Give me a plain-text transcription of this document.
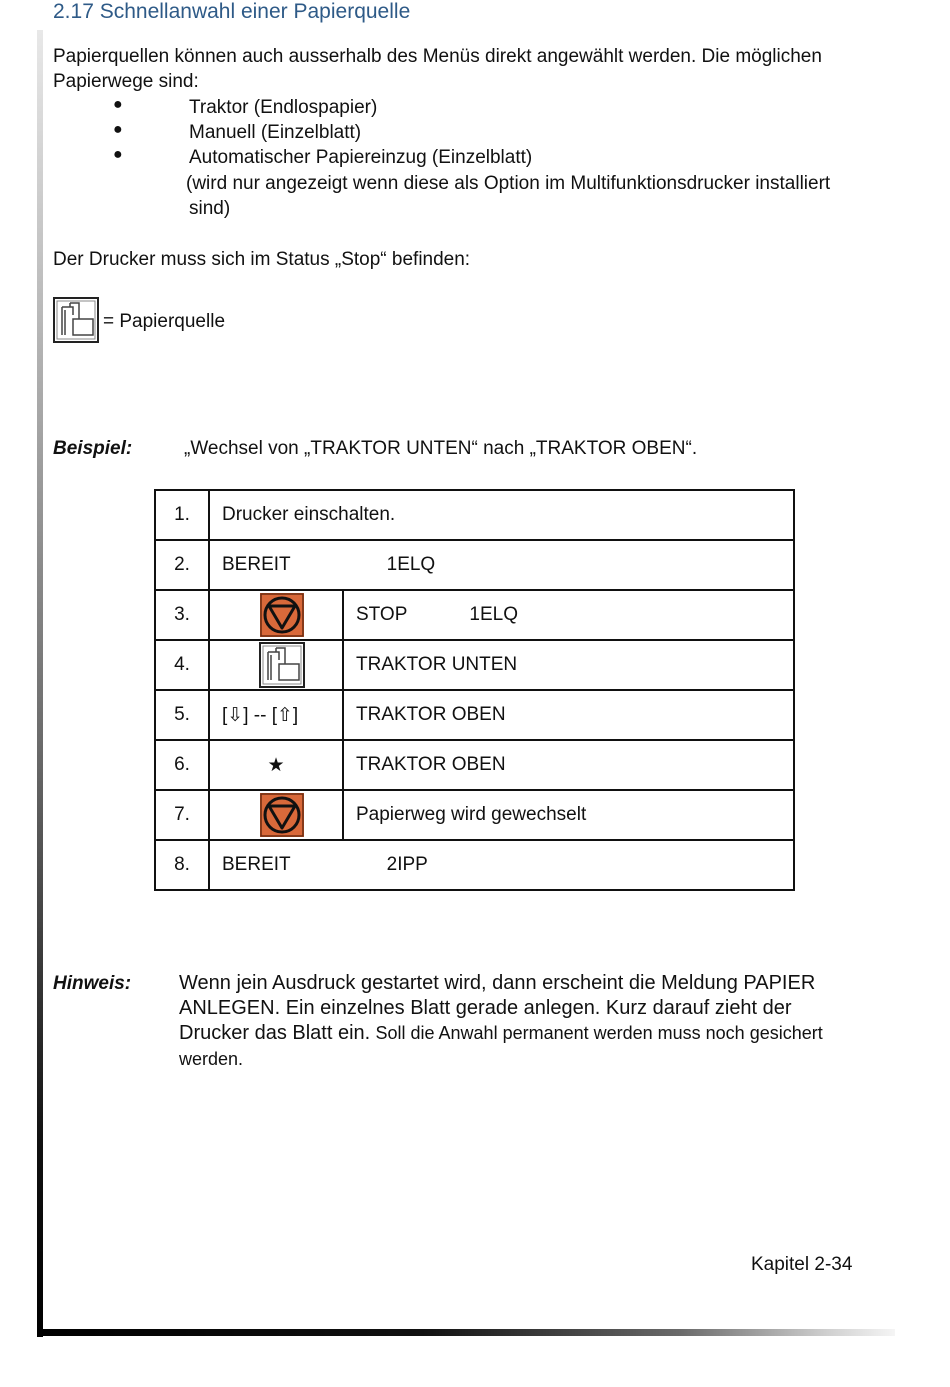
2.17 Schnellanwahl einer Papierquelle
Papierquellen können auch ausserhalb des Menüs direkt angewählt werden. Die möglichen
Papierwege sind:
●	Traktor (Endlospapier)
●	Manuell (Einzelblatt)
●	Automatischer Papiereinzug (Einzelblatt)
(wird nur angezeigt wenn diese als Option im Multifunktionsdrucker installiert
sind)
Der Drucker muss sich im Status „Stop“ befinden:
= Papierquelle
Beispiel:	„Wechsel von „TRAKTOR UNTEN“ nach „TRAKTOR OBEN“.
1.	Drucker einschalten.	
2.	BEREIT 1ELQ	
3.		STOP 1ELQ
4.		TRAKTOR UNTEN
5.	[⇩] -- [⇧]	TRAKTOR OBEN
6.	★	TRAKTOR OBEN
7.		Papierweg wird gewechselt
8.	BEREIT 2IPP	
Hinweis: Wenn jein Ausdruck gestartet wird, dann erscheint die Meldung PAPIER
ANLEGEN. Ein einzelnes Blatt gerade anlegen. Kurz darauf zieht der
Drucker das Blatt ein. Soll die Anwahl permanent werden muss noch gesichert
werden.
Kapitel 2-34
